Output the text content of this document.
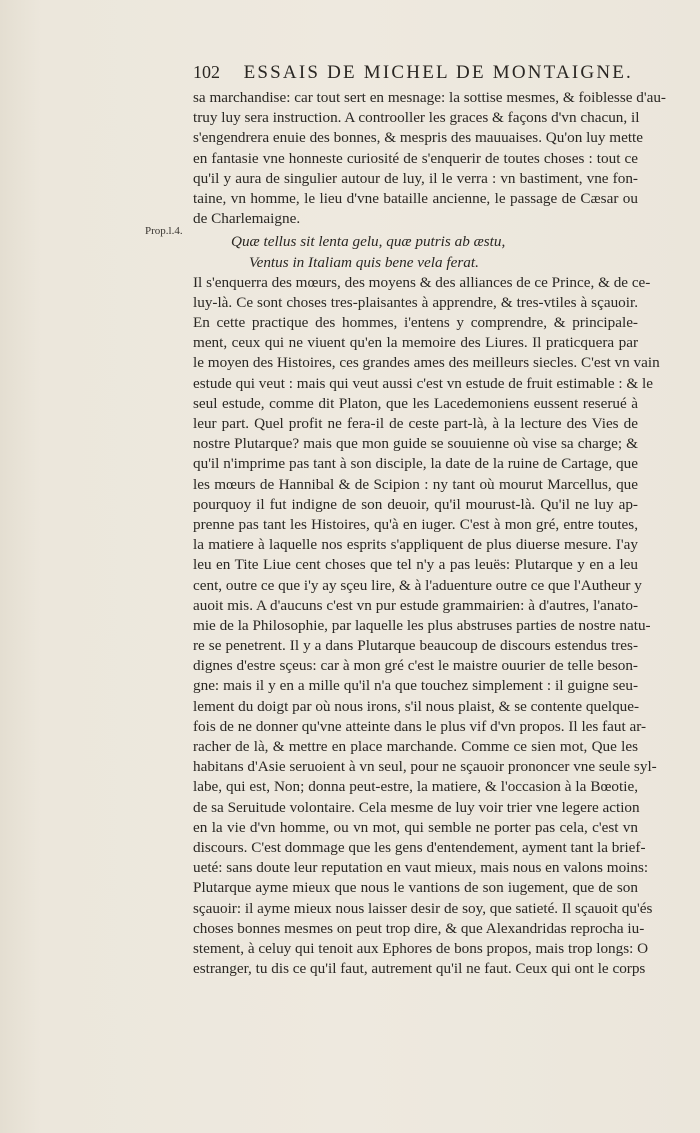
102	ESSAIS DE MICHEL DE MONTAIGNE.
Prop.l.4.
sa marchandise: car tout sert en mesnage: la sottise mesmes, & foiblesse d'au-
truy luy sera instruction. A controoller les graces & façons d'vn chacun, il
s'engendrera enuie des bonnes, & mespris des mauuaises. Qu'on luy mette
en fantasie vne honneste curiosité de s'enquerir de toutes choses : tout ce
qu'il y aura de singulier autour de luy, il le verra : vn bastiment, vne fon-
taine, vn homme, le lieu d'vne bataille ancienne, le passage de Cæsar ou
de Charlemaigne.
Quæ tellus sit lenta gelu, quæ putris ab æstu,
Ventus in Italiam quis bene vela ferat.
Il s'enquerra des mœurs, des moyens & des alliances de ce Prince, & de ce-
luy-là. Ce sont choses tres-plaisantes à apprendre, & tres-vtiles à sçauoir.
En cette practique des hommes, i'entens y comprendre, & principale-
ment, ceux qui ne viuent qu'en la memoire des Liures. Il praticquera par
le moyen des Histoires, ces grandes ames des meilleurs siecles. C'est vn vain
estude qui veut : mais qui veut aussi c'est vn estude de fruit estimable : & le
seul estude, comme dit Platon, que les Lacedemoniens eussent reserué à
leur part. Quel profit ne fera-il de ceste part-là, à la lecture des Vies de
nostre Plutarque? mais que mon guide se souuienne où vise sa charge; &
qu'il n'imprime pas tant à son disciple, la date de la ruine de Cartage, que
les mœurs de Hannibal & de Scipion : ny tant où mourut Marcellus, que
pourquoy il fut indigne de son deuoir, qu'il mourust-là. Qu'il ne luy ap-
prenne pas tant les Histoires, qu'à en iuger. C'est à mon gré, entre toutes,
la matiere à laquelle nos esprits s'appliquent de plus diuerse mesure. I'ay
leu en Tite Liue cent choses que tel n'y a pas leuës: Plutarque y en a leu
cent, outre ce que i'y ay sçeu lire, & à l'aduenture outre ce que l'Autheur y
auoit mis. A d'aucuns c'est vn pur estude grammairien: à d'autres, l'anato-
mie de la Philosophie, par laquelle les plus abstruses parties de nostre natu-
re se penetrent. Il y a dans Plutarque beaucoup de discours estendus tres-
dignes d'estre sçeus: car à mon gré c'est le maistre ouurier de telle beson-
gne: mais il y en a mille qu'il n'a que touchez simplement : il guigne seu-
lement du doigt par où nous irons, s'il nous plaist, & se contente quelque-
fois de ne donner qu'vne atteinte dans le plus vif d'vn propos. Il les faut ar-
racher de là, & mettre en place marchande. Comme ce sien mot, Que les
habitans d'Asie seruoient à vn seul, pour ne sçauoir prononcer vne seule syl-
labe, qui est, Non; donna peut-estre, la matiere, & l'occasion à la Bœotie,
de sa Seruitude volontaire. Cela mesme de luy voir trier vne legere action
en la vie d'vn homme, ou vn mot, qui semble ne porter pas cela, c'est vn
discours. C'est dommage que les gens d'entendement, ayment tant la brief-
ueté: sans doute leur reputation en vaut mieux, mais nous en valons moins:
Plutarque ayme mieux que nous le vantions de son iugement, que de son
sçauoir: il ayme mieux nous laisser desir de soy, que satieté. Il sçauoit qu'és
choses bonnes mesmes on peut trop dire, & que Alexandridas reprocha iu-
stement, à celuy qui tenoit aux Ephores de bons propos, mais trop longs: O
estranger, tu dis ce qu'il faut, autrement qu'il ne faut. Ceux qui ont le corps
